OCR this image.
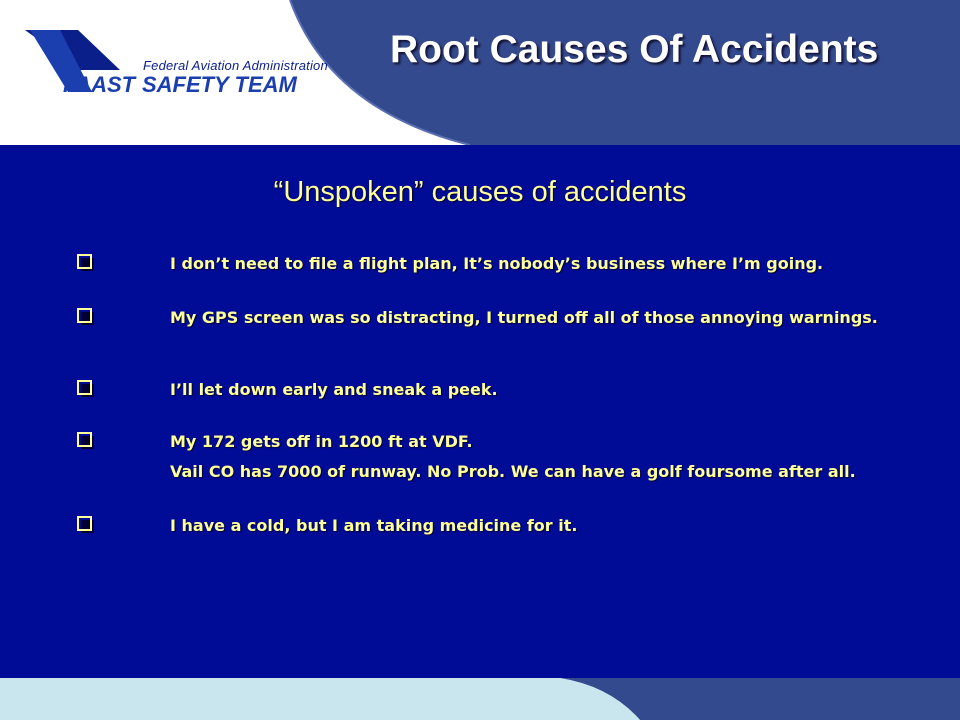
Federal Aviation Administration
FAAST SAFETY TEAM
Root Causes Of Accidents
“Unspoken” causes of accidents
I don’t need to file a flight plan, It’s nobody’s business where I’m going.
My GPS screen was so distracting, I turned off all of those annoying warnings.
I’ll let down early and sneak a peek.
My 172 gets off in 1200 ft at VDF.
Vail CO has 7000 of runway. No Prob. We can have a golf foursome after all.
I have a cold, but I am taking medicine for it.
